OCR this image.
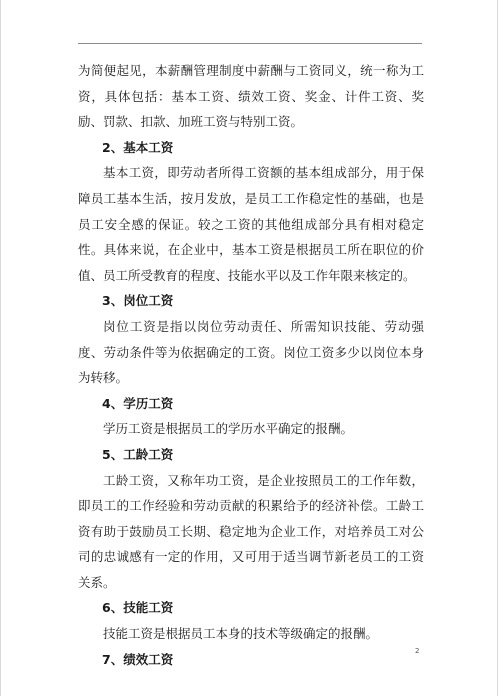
为简便起见，本薪酬管理制度中薪酬与工资同义，统一称为工资，具体包括：基本工资、绩效工资、奖金、计件工资、奖励、罚款、扣款、加班工资与特别工资。

2、基本工资

基本工资，即劳动者所得工资额的基本组成部分，用于保障员工基本生活，按月发放，是员工工作稳定性的基础，也是员工安全感的保证。较之工资的其他组成部分具有相对稳定性。具体来说，在企业中，基本工资是根据员工所在职位的价值、员工所受教育的程度、技能水平以及工作年限来核定的。

3、岗位工资

岗位工资是指以岗位劳动责任、所需知识技能、劳动强度、劳动条件等为依据确定的工资。岗位工资多少以岗位本身为转移。

4、学历工资

学历工资是根据员工的学历水平确定的报酬。

5、工龄工资

工龄工资，又称年功工资，是企业按照员工的工作年数，即员工的工作经验和劳动贡献的积累给予的经济补偿。工龄工资有助于鼓励员工长期、稳定地为企业工作，对培养员工对公司的忠诚感有一定的作用，又可用于适当调节新老员工的工资关系。

6、技能工资

技能工资是根据员工本身的技术等级确定的报酬。

7、绩效工资

2
